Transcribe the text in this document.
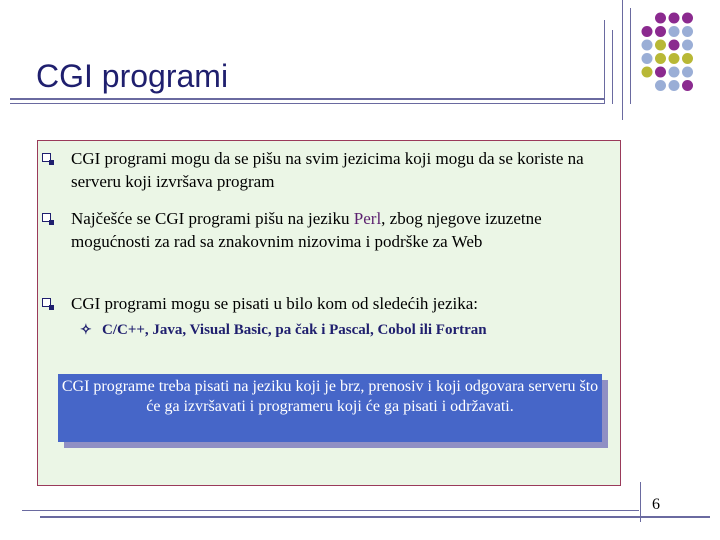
CGI programi
CGI programi mogu da se pišu na svim jezicima koji mogu da se koriste na serveru koji izvršava program
Najčešće se CGI programi pišu na jeziku Perl, zbog njegove izuzetne mogućnosti za rad sa znakovnim nizovima i podrške za Web
CGI programi mogu se pisati u bilo kom od sledećih jezika:
✧ C/C++, Java, Visual Basic, pa čak i Pascal, Cobol ili Fortran
CGI programe treba pisati na jeziku koji je brz, prenosiv i koji odgovara serveru što će ga izvršavati i programeru koji će ga pisati i održavati.
6
